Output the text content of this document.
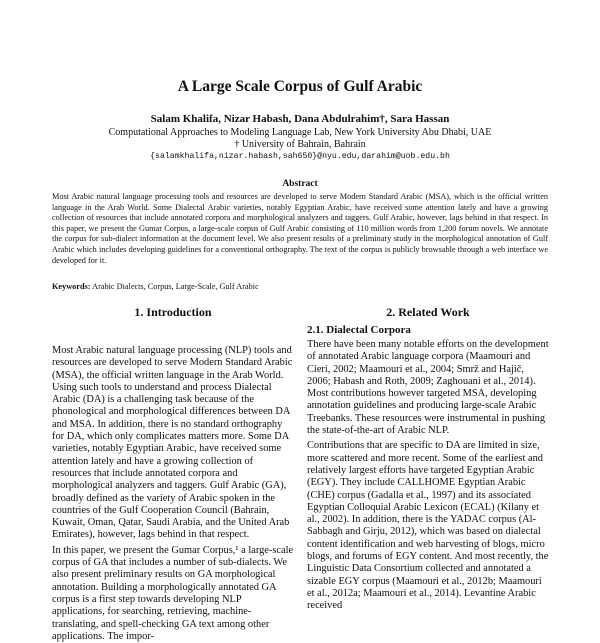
A Large Scale Corpus of Gulf Arabic
Salam Khalifa, Nizar Habash, Dana Abdulrahim†, Sara Hassan
Computational Approaches to Modeling Language Lab, New York University Abu Dhabi, UAE
† University of Bahrain, Bahrain
{salamkhalifa,nizar.habash,sah650}@nyu.edu,darahim@uob.edu.bh
Abstract
Most Arabic natural language processing tools and resources are developed to serve Modern Standard Arabic (MSA), which is the official written language in the Arab World. Some Dialectal Arabic varieties, notably Egyptian Arabic, have received some attention lately and have a growing collection of resources that include annotated corpora and morphological analyzers and taggers. Gulf Arabic, however, lags behind in that respect. In this paper, we present the Gumar Corpus, a large-scale corpus of Gulf Arabic consisting of 110 million words from 1,200 forum novels. We annotate the corpus for sub-dialect information at the document level. We also present results of a preliminary study in the morphological annotation of Gulf Arabic which includes developing guidelines for a conventional orthography. The text of the corpus is publicly browsable through a web interface we developed for it.
Keywords: Arabic Dialects, Corpus, Large-Scale, Gulf Arabic
1. Introduction

Most Arabic natural language processing (NLP) tools and resources are developed to serve Modern Standard Arabic (MSA), the official written language in the Arab World. Using such tools to understand and process Dialectal Arabic (DA) is a challenging task because of the phonological and morphological differences between DA and MSA. In addition, there is no standard orthography for DA, which only complicates matters more. Some DA varieties, notably Egyptian Arabic, have received some attention lately and have a growing collection of resources that include annotated corpora and morphological analyzers and taggers. Gulf Arabic (GA), broadly defined as the variety of Arabic spoken in the countries of the Gulf Cooperation Council (Bahrain, Kuwait, Oman, Qatar, Saudi Arabia, and the United Arab Emirates), however, lags behind in that respect.

In this paper, we present the Gumar Corpus,¹ a large-scale corpus of GA that includes a number of sub-dialects. We also present preliminary results on GA morphological annotation. Building a morphologically annotated GA corpus is a first step towards developing NLP applications, for searching, retrieving, machine-translating, and spell-checking GA text among other applications. The impor-

2. Related Work
2.1. Dialectal Corpora

There have been many notable efforts on the development of annotated Arabic language corpora (Maamouri and Cieri, 2002; Maamouri et al., 2004; Smrž and Hajič, 2006; Habash and Roth, 2009; Zaghouani et al., 2014). Most contributions however targeted MSA, developing annotation guidelines and producing large-scale Arabic Treebanks. These resources were instrumental in pushing the state-of-the-art of Arabic NLP.

Contributions that are specific to DA are limited in size, more scattered and more recent. Some of the earliest and relatively largest efforts have targeted Egyptian Arabic (EGY). They include CALLHOME Egyptian Arabic (CHE) corpus (Gadalla et al., 1997) and its associated Egyptian Colloquial Arabic Lexicon (ECAL) (Kilany et al., 2002). In addition, there is the YADAC corpus (Al-Sabbagh and Girju, 2012), which was based on dialectal content identification and web harvesting of blogs, micro blogs, and forums of EGY content. And most recently, the Linguistic Data Consortium collected and annotated a sizable EGY corpus (Maamouri et al., 2012b; Maamouri et al., 2012a; Maamouri et al., 2014). Levantine Arabic received
